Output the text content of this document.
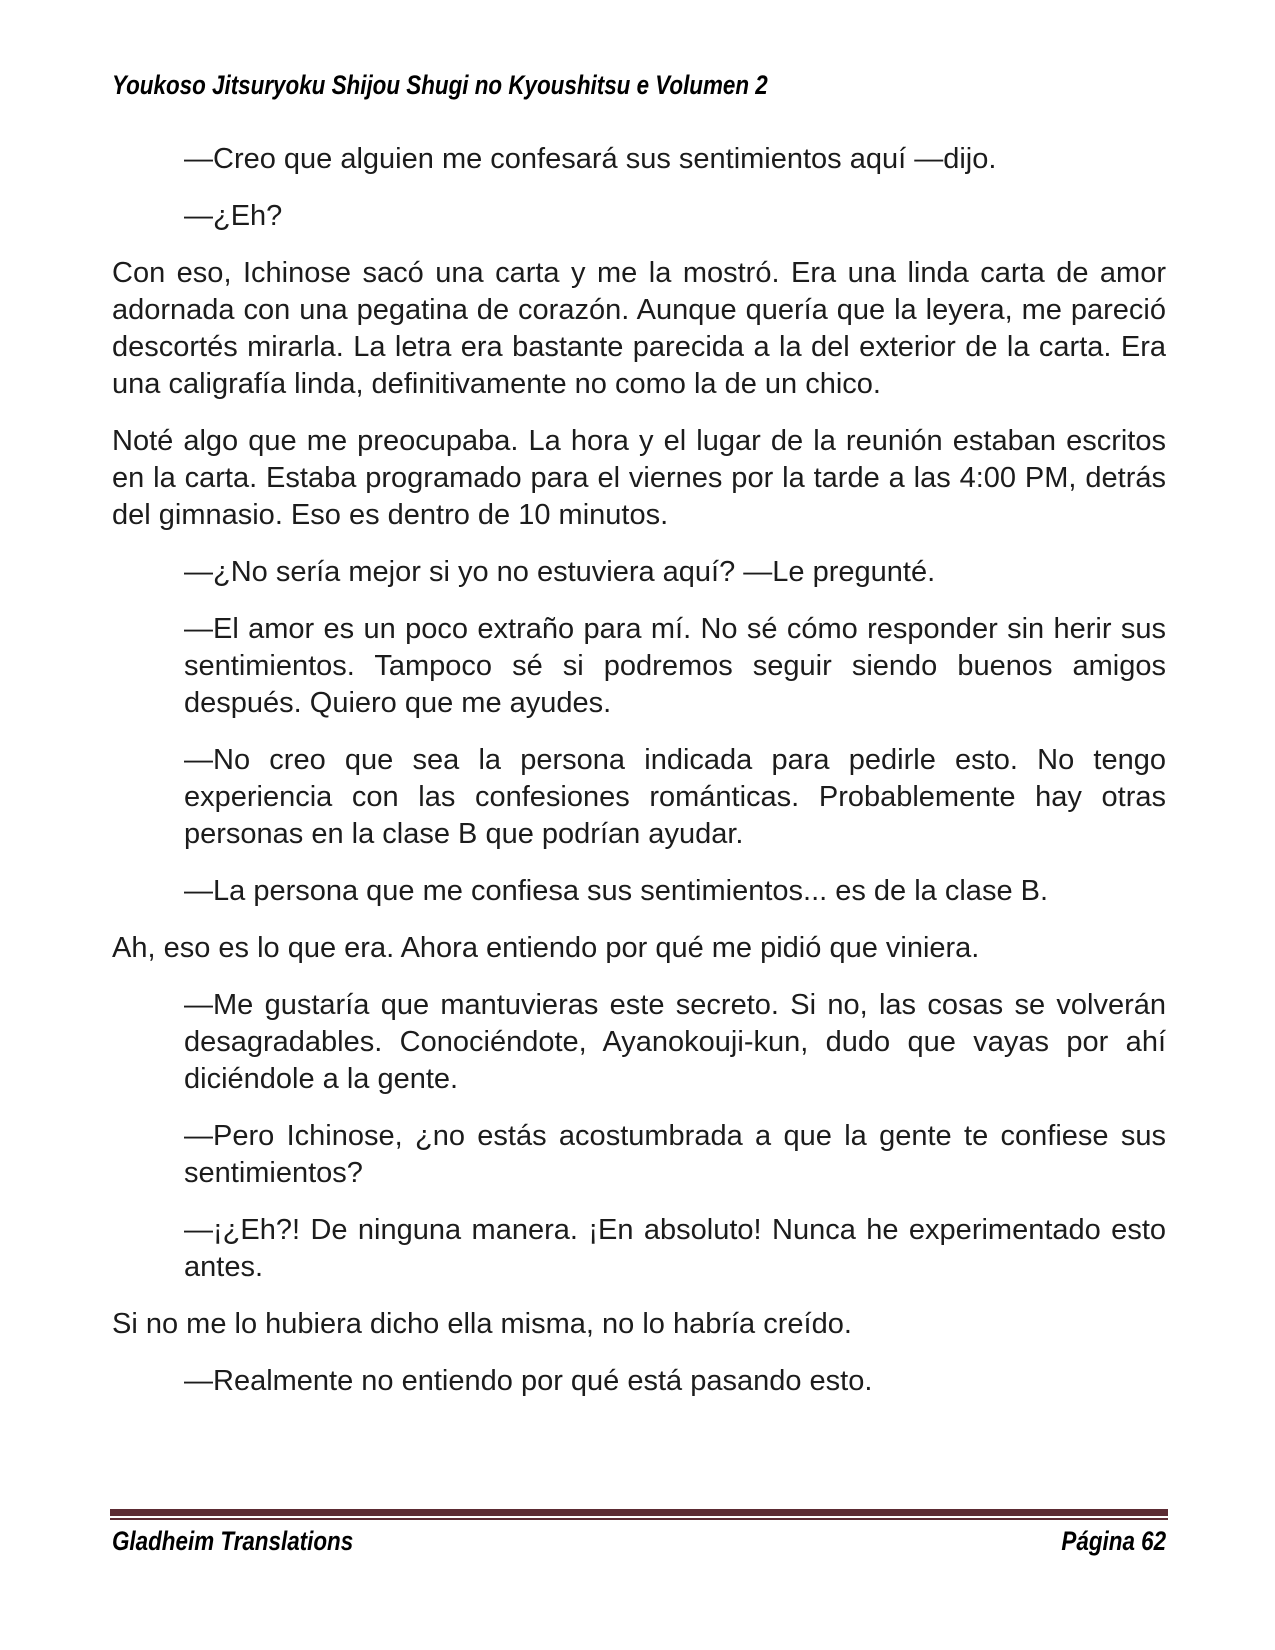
Youkoso Jitsuryoku Shijou Shugi no Kyoushitsu e Volumen 2

—Creo que alguien me confesará sus sentimientos aquí —dijo.

—¿Eh?

Con eso, Ichinose sacó una carta y me la mostró. Era una linda carta de amor adornada con una pegatina de corazón. Aunque quería que la leyera, me pareció descortés mirarla. La letra era bastante parecida a la del exterior de la carta. Era una caligrafía linda, definitivamente no como la de un chico.

Noté algo que me preocupaba. La hora y el lugar de la reunión estaban escritos en la carta. Estaba programado para el viernes por la tarde a las 4:00 PM, detrás del gimnasio. Eso es dentro de 10 minutos.

—¿No sería mejor si yo no estuviera aquí? —Le pregunté.

—El amor es un poco extraño para mí. No sé cómo responder sin herir sus sentimientos. Tampoco sé si podremos seguir siendo buenos amigos después. Quiero que me ayudes.

—No creo que sea la persona indicada para pedirle esto. No tengo experiencia con las confesiones románticas. Probablemente hay otras personas en la clase B que podrían ayudar.

—La persona que me confiesa sus sentimientos... es de la clase B.

Ah, eso es lo que era. Ahora entiendo por qué me pidió que viniera.

—Me gustaría que mantuvieras este secreto. Si no, las cosas se volverán desagradables. Conociéndote, Ayanokouji-kun, dudo que vayas por ahí diciéndole a la gente.

—Pero Ichinose, ¿no estás acostumbrada a que la gente te confiese sus sentimientos?

—¡¿Eh?! De ninguna manera. ¡En absoluto! Nunca he experimentado esto antes.

Si no me lo hubiera dicho ella misma, no lo habría creído.

—Realmente no entiendo por qué está pasando esto.

Gladheim Translations	Página 62
